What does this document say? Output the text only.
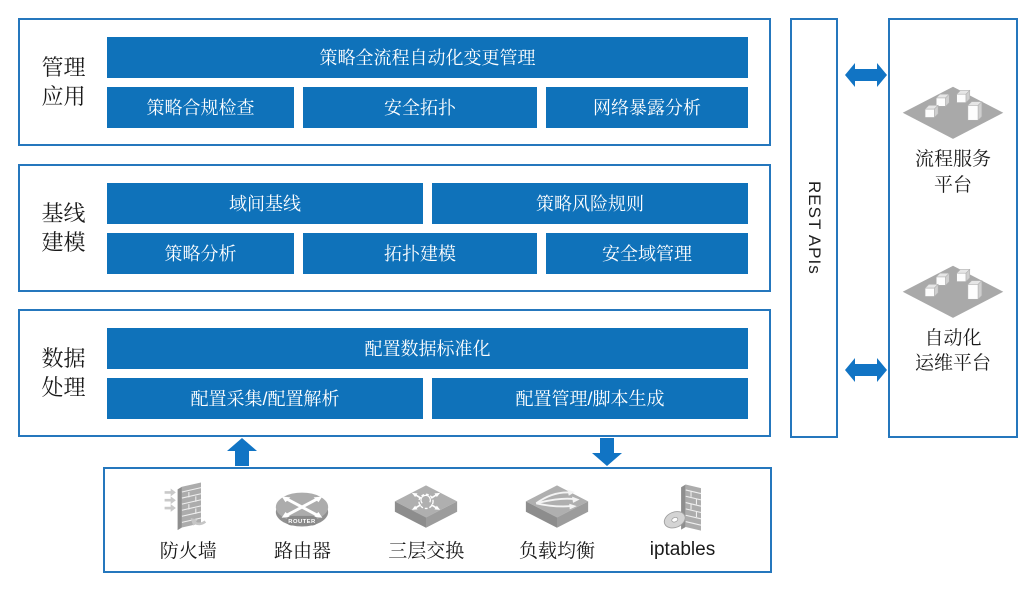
管理
应用
策略全流程自动化变更管理
策略合规检查	安全拓扑	网络暴露分析
基线
建模
域间基线	策略风险规则
策略分析	拓扑建模	安全域管理
数据
处理
配置数据标准化
配置采集/配置解析	配置管理/脚本生成
防火墙
ROUTER
路由器	三层交换	负载均衡	iptables
REST APIs
流程服务
平台
自动化
运维平台
